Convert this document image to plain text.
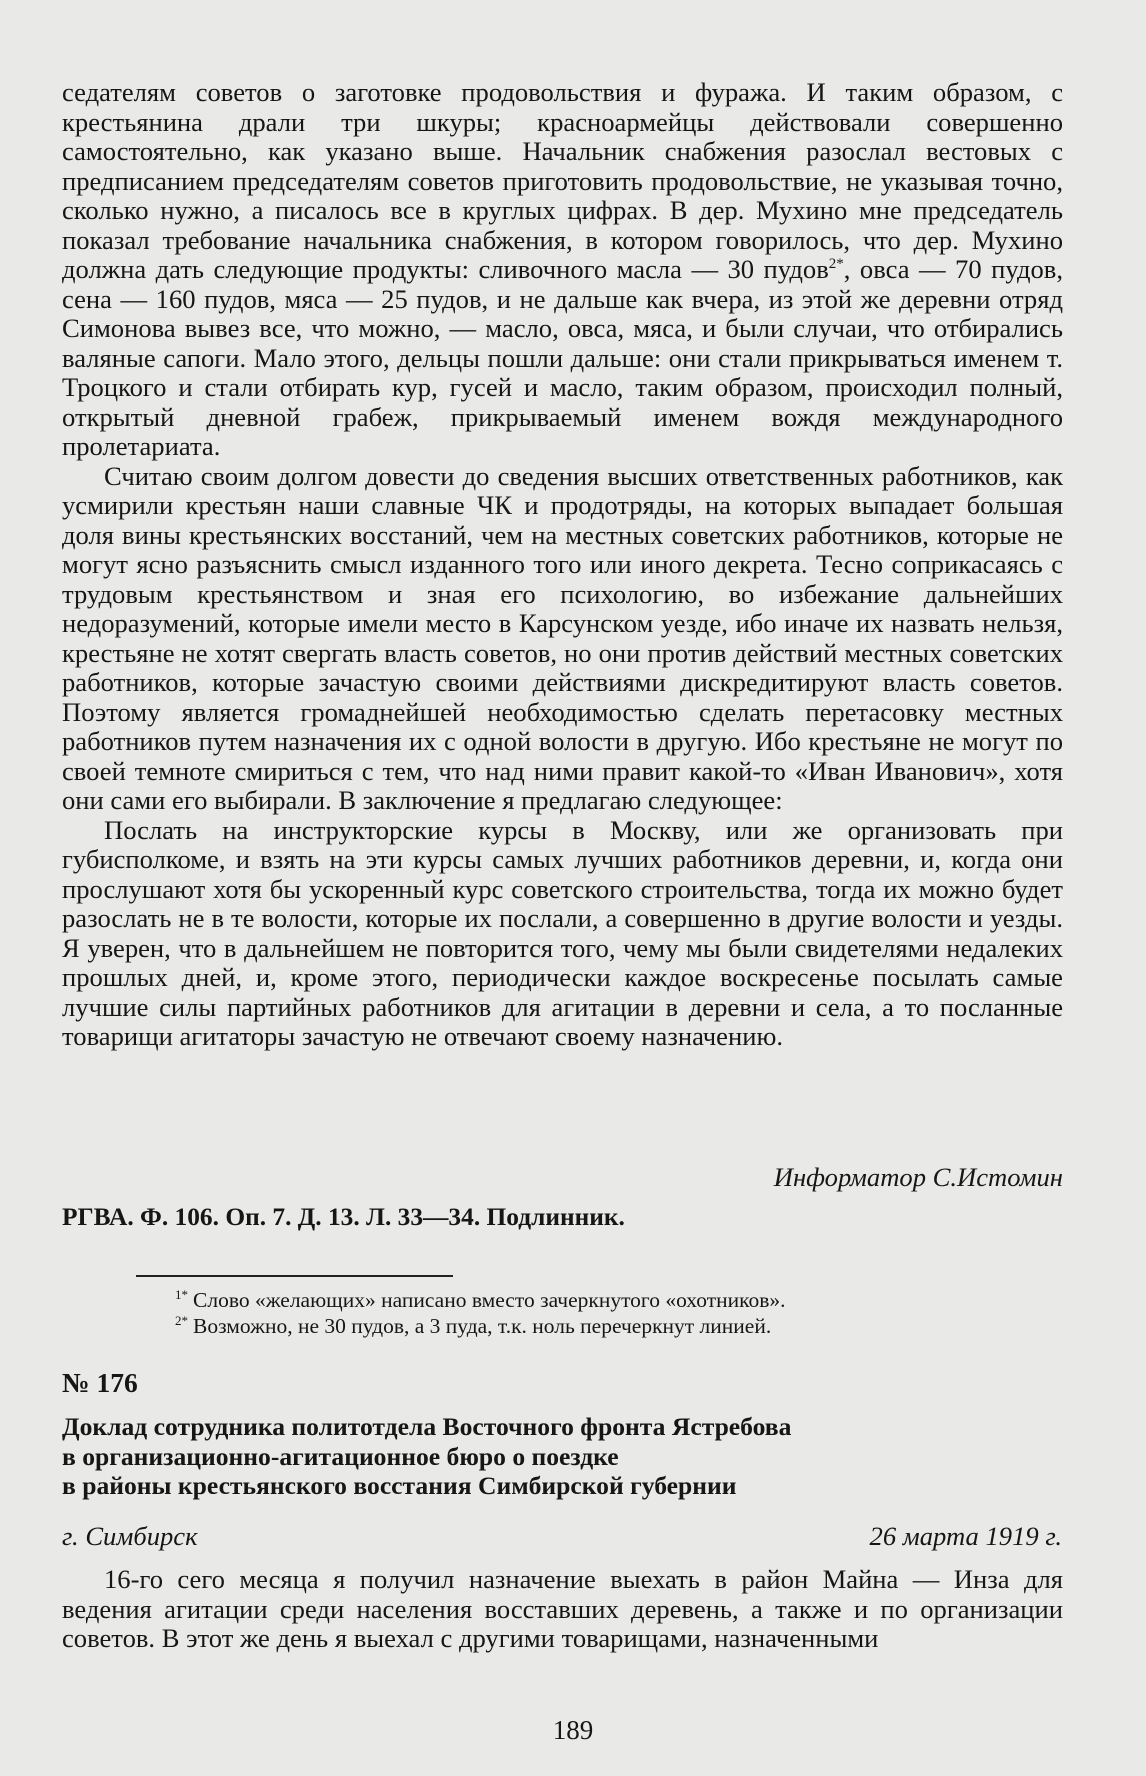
седателям советов о заготовке продовольствия и фуража. И таким образом, с крестьянина драли три шкуры; красноармейцы действовали совершенно самостоятельно, как указано выше. Начальник снабжения разослал вестовых с предписанием председателям советов приготовить продовольствие, не указывая точно, сколько нужно, а писалось все в круглых цифрах. В дер. Мухино мне председатель показал требование начальника снабжения, в котором говорилось, что дер. Мухино должна дать следующие продукты: сливочного масла — 30 пудов$^{2*}$, овса — 70 пудов, сена — 160 пудов, мяса — 25 пудов, и не дальше как вчера, из этой же деревни отряд Симонова вывез все, что можно, — масло, овса, мяса, и были случаи, что отбирались валяные сапоги. Мало этого, дельцы пошли дальше: они стали прикрываться именем т. Троцкого и стали отбирать кур, гусей и масло, таким образом, происходил полный, открытый дневной грабеж, прикрываемый именем вождя международного пролетариата.

Считаю своим долгом довести до сведения высших ответственных работников, как усмирили крестьян наши славные ЧК и продотряды, на которых выпадает большая доля вины крестьянских восстаний, чем на местных советских работников, которые не могут ясно разъяснить смысл изданного того или иного декрета. Тесно соприкасаясь с трудовым крестьянством и зная его психологию, во избежание дальнейших недоразумений, которые имели место в Карсунском уезде, ибо иначе их назвать нельзя, крестьяне не хотят свергать власть советов, но они против действий местных советских работников, которые зачастую своими действиями дискредитируют власть советов. Поэтому является громаднейшей необходимостью сделать перетасовку местных работников путем назначения их с одной волости в другую. Ибо крестьяне не могут по своей темноте смириться с тем, что над ними правит какой-то «Иван Иванович», хотя они сами его выбирали. В заключение я предлагаю следующее:

Послать на инструкторские курсы в Москву, или же организовать при губисполкоме, и взять на эти курсы самых лучших работников деревни, и, когда они прослушают хотя бы ускоренный курс советского строительства, тогда их можно будет разослать не в те волости, которые их послали, а совершенно в другие волости и уезды. Я уверен, что в дальнейшем не повторится того, чему мы были свидетелями недалеких прошлых дней, и, кроме этого, периодически каждое воскресенье посылать самые лучшие силы партийных работников для агитации в деревни и села, а то посланные товарищи агитаторы зачастую не отвечают своему назначению.

Информатор С.Истомин
РГВА. Ф. 106. Оп. 7. Д. 13. Л. 33—34. Подлинник.
$^{1*}$ Слово «желающих» написано вместо зачеркнутого «охотников».
$^{2*}$ Возможно, не 30 пудов, а 3 пуда, т.к. ноль перечеркнут линией.
№ 176
Доклад сотрудника политотдела Восточного фронта Ястребова
в организационно-агитационное бюро о поездке
в районы крестьянского восстания Симбирской губернии
г. Симбирск	26 марта 1919 г.

16-го сего месяца я получил назначение выехать в район Майна — Инза для ведения агитации среди населения восставших деревень, а также и по организации советов. В этот же день я выехал с другими товарищами, назначенными

189
